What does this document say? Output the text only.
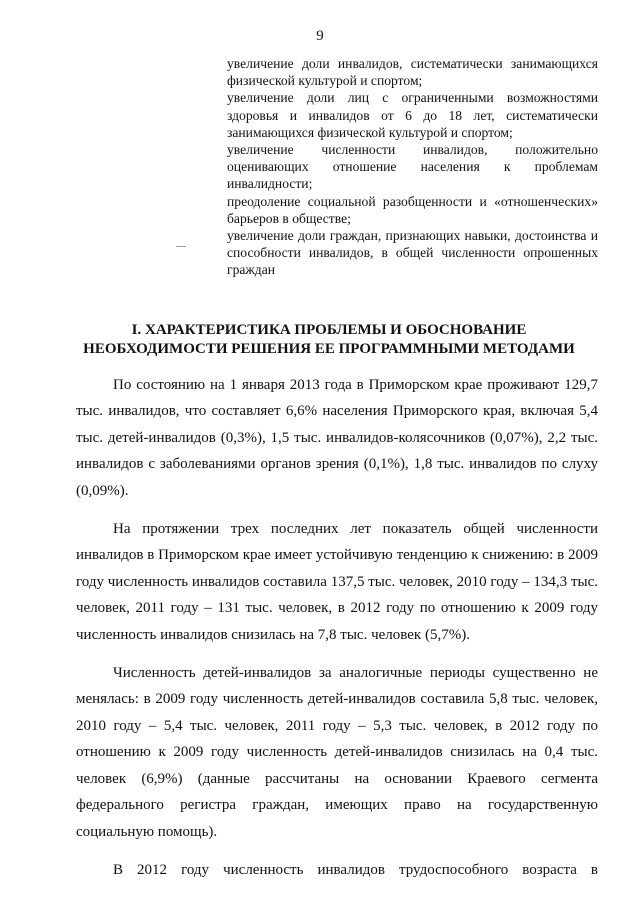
9

увеличение доли инвалидов, систематически занимающихся физической культурой и спортом;

увеличение доли лиц с ограниченными возможностями здоровья и инвалидов от 6 до 18 лет, систематически занимающихся физической культурой и спортом;

увеличение численности инвалидов, положительно оценивающих отношение населения к проблемам инвалидности;

преодоление социальной разобщенности и «отношенческих» барьеров в обществе;

увеличение доли граждан, признающих навыки, достоинства и способности инвалидов, в общей численности опрошенных граждан

I. ХАРАКТЕРИСТИКА ПРОБЛЕМЫ И ОБОСНОВАНИЕ
НЕОБХОДИМОСТИ РЕШЕНИЯ ЕЕ ПРОГРАММНЫМИ МЕТОДАМИ

По состоянию на 1 января 2013 года в Приморском крае проживают 129,7 тыс. инвалидов, что составляет 6,6% населения Приморского края, включая 5,4 тыс. детей-инвалидов (0,3%), 1,5 тыс. инвалидов-колясочников (0,07%), 2,2 тыс. инвалидов с заболеваниями органов зрения (0,1%), 1,8 тыс. инвалидов по слуху (0,09%).

На протяжении трех последних лет показатель общей численности инвалидов в Приморском крае имеет устойчивую тенденцию к снижению: в 2009 году численность инвалидов составила 137,5 тыс. человек, 2010 году – 134,3 тыс. человек, 2011 году – 131 тыс. человек, в 2012 году по отношению к 2009 году численность инвалидов снизилась на 7,8 тыс. человек (5,7%).

Численность детей-инвалидов за аналогичные периоды существенно не менялась: в 2009 году численность детей-инвалидов составила 5,8 тыс. человек, 2010 году – 5,4 тыс. человек, 2011 году – 5,3 тыс. человек, в 2012 году по отношению к 2009 году численность детей-инвалидов снизилась на 0,4 тыс. человек (6,9%) (данные рассчитаны на основании Краевого сегмента федерального регистра граждан, имеющих право на государственную социальную помощь).

В 2012 году численность инвалидов трудоспособного возраста в
